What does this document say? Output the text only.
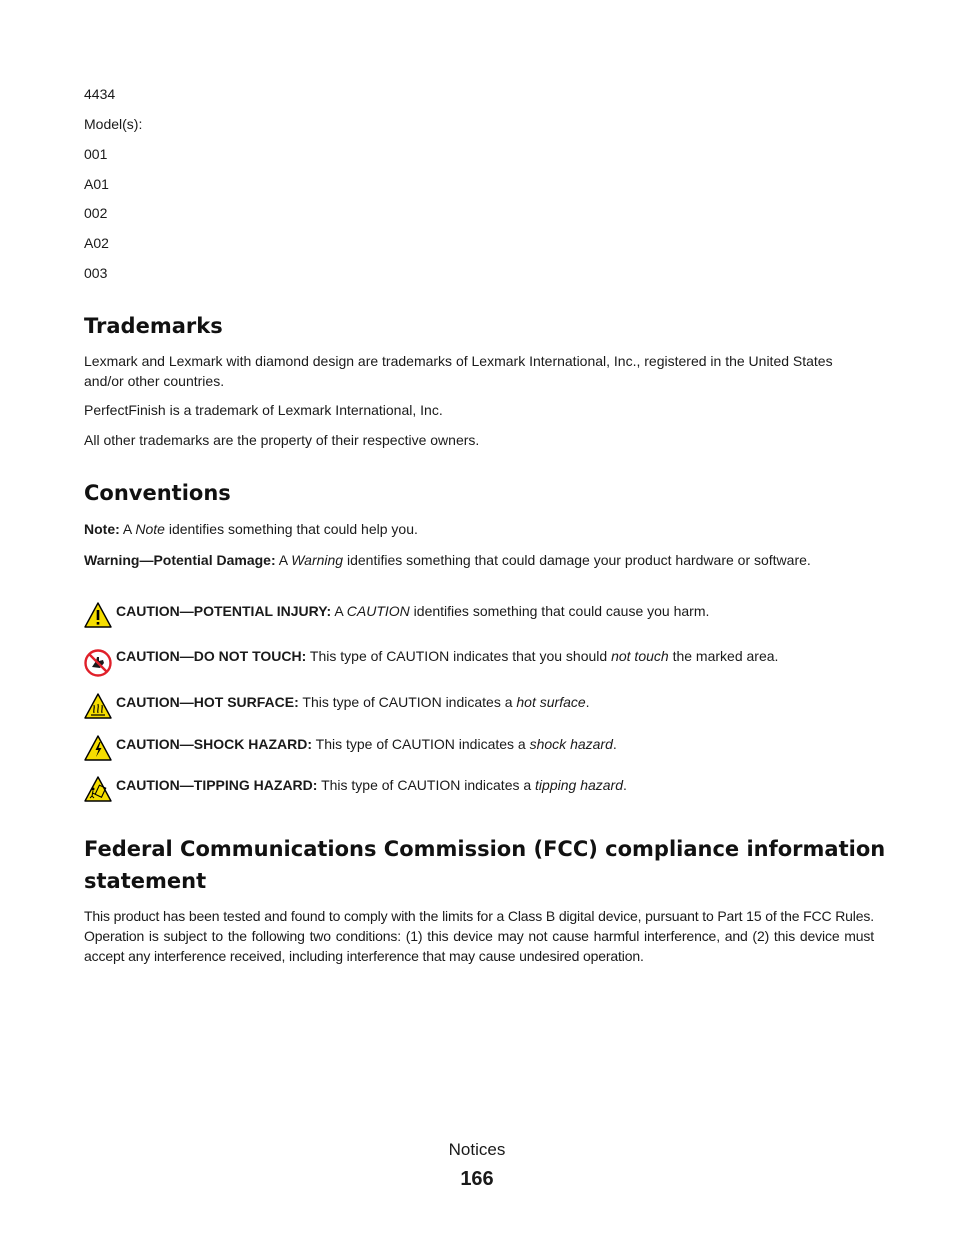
4434
Model(s):
001
A01
002
A02
003
Trademarks
Lexmark and Lexmark with diamond design are trademarks of Lexmark International, Inc., registered in the United States and/or other countries.
PerfectFinish is a trademark of Lexmark International, Inc.
All other trademarks are the property of their respective owners.
Conventions
Note: A Note identifies something that could help you.
Warning—Potential Damage: A Warning identifies something that could damage your product hardware or software.
CAUTION—POTENTIAL INJURY: A CAUTION identifies something that could cause you harm.
CAUTION—DO NOT TOUCH: This type of CAUTION indicates that you should not touch the marked area.
CAUTION—HOT SURFACE: This type of CAUTION indicates a hot surface.
CAUTION—SHOCK HAZARD: This type of CAUTION indicates a shock hazard.
CAUTION—TIPPING HAZARD: This type of CAUTION indicates a tipping hazard.
Federal Communications Commission (FCC) compliance information
statement
This product has been tested and found to comply with the limits for a Class B digital device, pursuant to Part 15 of the FCC Rules. Operation is subject to the following two conditions: (1) this device may not cause harmful interference, and (2) this device must accept any interference received, including interference that may cause undesired operation.
Notices
166
